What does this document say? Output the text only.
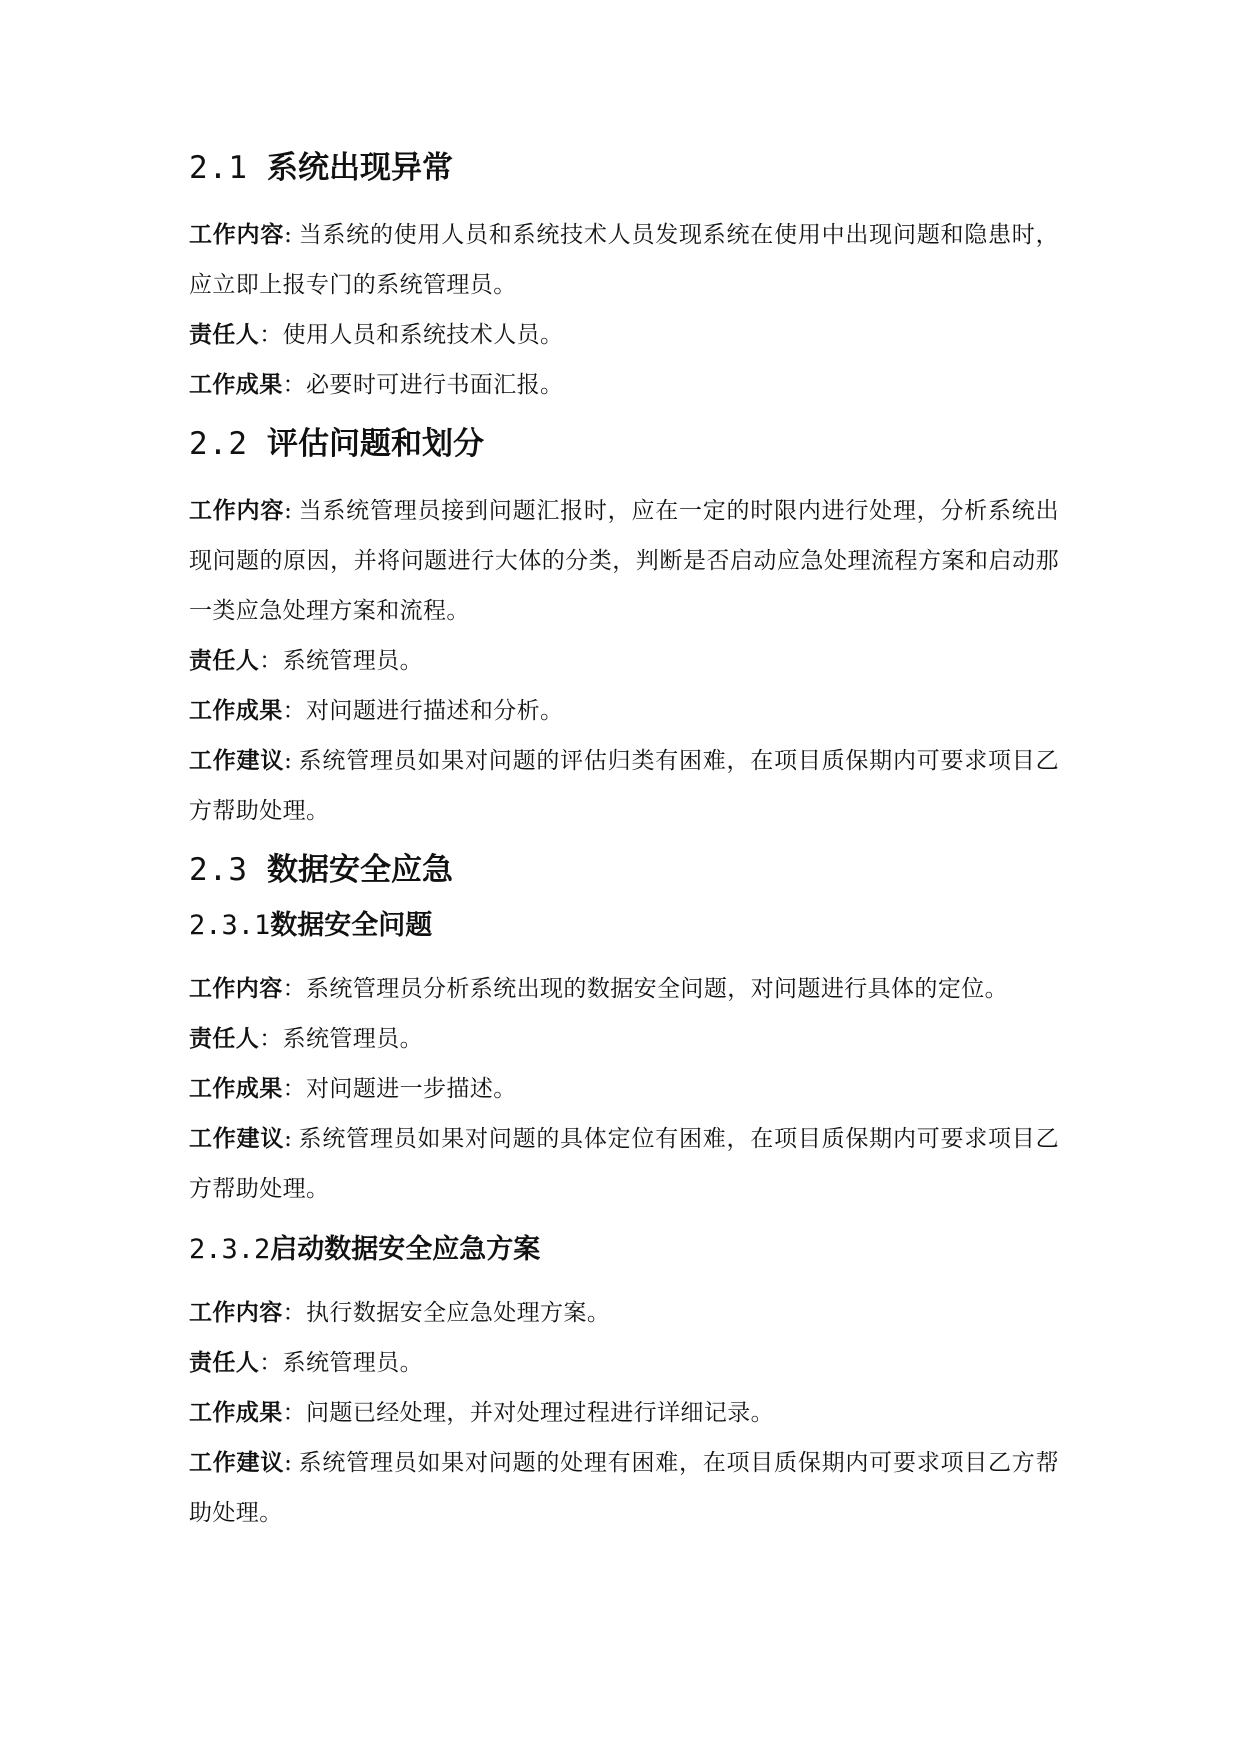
2.1 系统出现异常

工作内容: 当系统的使用人员和系统技术人员发现系统在使用中出现问题和隐患时，应立即上报专门的系统管理员。

责任人：使用人员和系统技术人员。

工作成果：必要时可进行书面汇报。

2.2 评估问题和划分

工作内容: 当系统管理员接到问题汇报时，应在一定的时限内进行处理，分析系统出现问题的原因，并将问题进行大体的分类，判断是否启动应急处理流程方案和启动那一类应急处理方案和流程。

责任人：系统管理员。

工作成果：对问题进行描述和分析。

工作建议: 系统管理员如果对问题的评估归类有困难，在项目质保期内可要求项目乙方帮助处理。

2.3 数据安全应急
2.3.1 数据安全问题

工作内容：系统管理员分析系统出现的数据安全问题，对问题进行具体的定位。

责任人：系统管理员。

工作成果：对问题进一步描述。

工作建议: 系统管理员如果对问题的具体定位有困难，在项目质保期内可要求项目乙方帮助处理。

2.3.2 启动数据安全应急方案

工作内容：执行数据安全应急处理方案。

责任人：系统管理员。

工作成果：问题已经处理，并对处理过程进行详细记录。

工作建议: 系统管理员如果对问题的处理有困难，在项目质保期内可要求项目乙方帮助处理。
